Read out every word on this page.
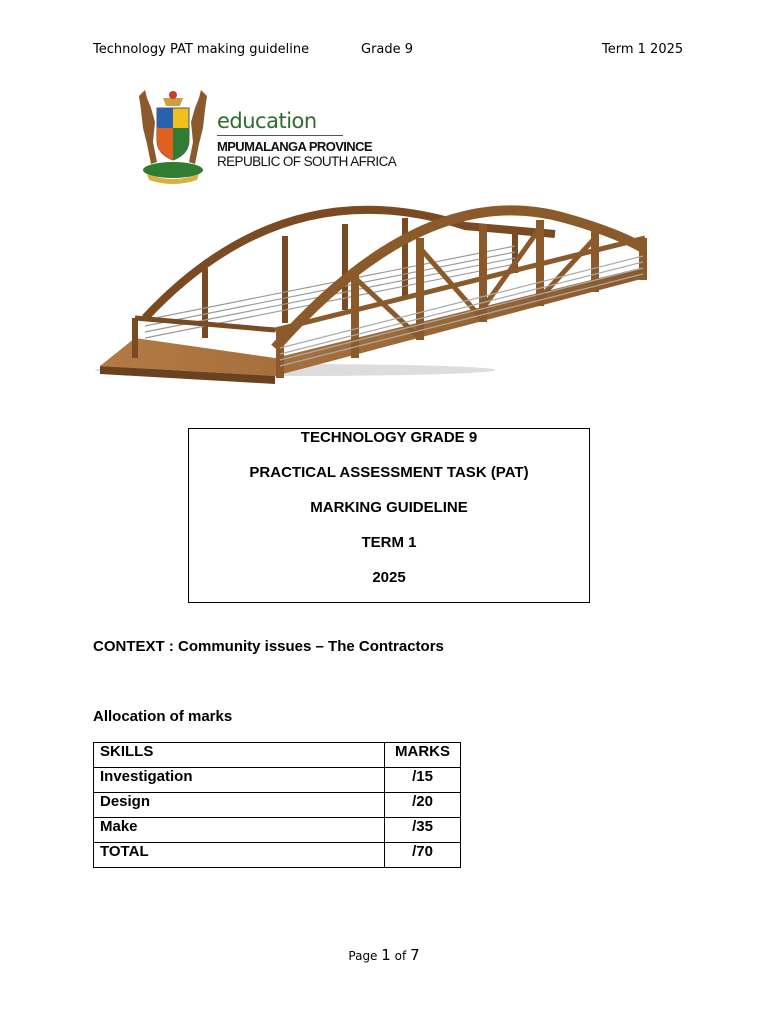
Technology PAT making guideline	Grade 9	Term 1 2025
education
MPUMALANGA PROVINCE
REPUBLIC OF SOUTH AFRICA
TECHNOLOGY GRADE 9
PRACTICAL ASSESSMENT TASK (PAT)
MARKING GUIDELINE
TERM 1
2025
CONTEXT : Community issues – The Contractors
Allocation of marks
SKILLS	MARKS
Investigation	/15
Design	/20
Make	/35
TOTAL	/70
Page 1 of 7
